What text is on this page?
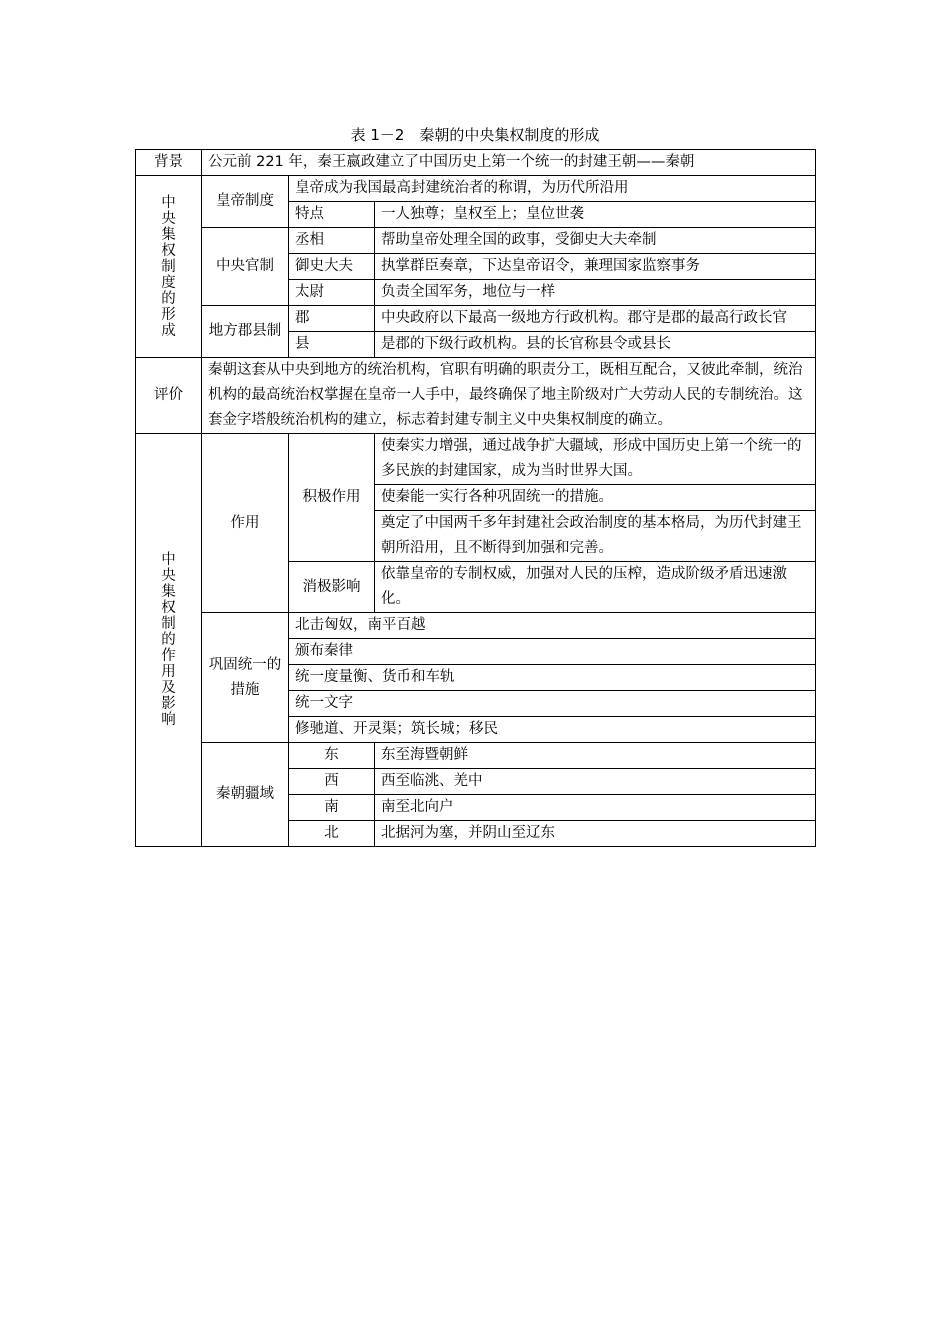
表 1－2　秦朝的中央集权制度的形成
背景	公元前 221 年，秦王嬴政建立了中国历史上第一个统一的封建王朝——秦朝		

中央集权制度的形成	皇帝制度	皇帝成为我国最高封建统治者的称谓，为历代所沿用	
		特点	一人独尊；皇权至上；皇位世袭
	中央官制	丞相	帮助皇帝处理全国的政事，受御史大夫牵制
		御史大夫	执掌群臣奏章，下达皇帝诏令，兼理国家监察事务
		太尉	负责全国军务，地位与一样
	地方郡县制	郡	中央政府以下最高一级地方行政机构。郡守是郡的最高行政长官
		县	是郡的下级行政机构。县的长官称县令或县长
评价	秦朝这套从中央到地方的统治机构，官职有明确的职责分工，既相互配合，又彼此牵制，统治机构的最高统治权掌握在皇帝一人手中，最终确保了地主阶级对广大劳动人民的专制统治。这套金字塔般统治机构的建立，标志着封建专制主义中央集权制度的确立。		

中央集权制的作用及影响	作用	积极作用	使秦实力增强，通过战争扩大疆域，形成中国历史上第一个统一的多民族的封建国家，成为当时世界大国。
			使秦能一实行各种巩固统一的措施。
			奠定了中国两千多年封建社会政治制度的基本格局，为历代封建王朝所沿用，且不断得到加强和完善。
		消极影响	依靠皇帝的专制权威，加强对人民的压榨，造成阶级矛盾迅速激化。
	巩固统一的措施	北击匈奴，南平百越	
		颁布秦律	
		统一度量衡、货币和车轨	
		统一文字	
		修驰道、开灵渠；筑长城；移民	
	秦朝疆域	东	东至海暨朝鲜
		西	西至临洮、羌中
		南	南至北向户
		北	北据河为塞，并阴山至辽东
